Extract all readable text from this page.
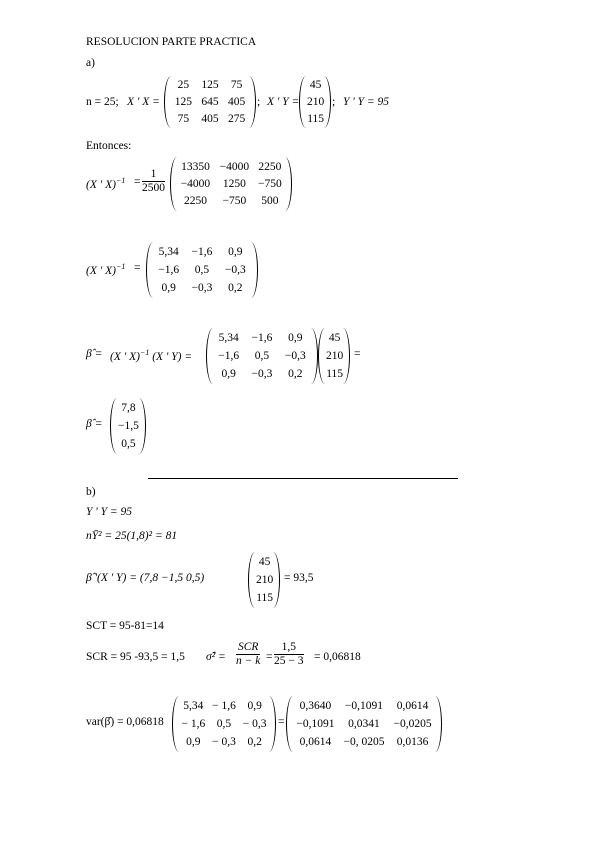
RESOLUCION PARTE PRACTICA
a)
n = 25; X ' X =
25	125	75
125	645	405
75	405	275
; X ' Y =
45
210
115
; Y ' Y = 95
Entonces:
(X ' $X)^{-1} = \frac{1}{2500}$
13350	−4000	2250
−4000	1250	−750
2250	−750	500
(X ' X)$^{-1}$ =
5,34	−1,6	0,9
−1,6	0,5	−0,3
0,9	−0,3	0,2
β̂ = (X ' X)$^{-1}$ (X ' Y) =
5,34	−1,6	0,9
−1,6	0,5	−0,3
0,9	−0,3	0,2
45
210
115
=
β̂ =
7,8
−1,5
0,5
b)
Y ' Y = 95
nȲ² = 25(1,8)² = 81
β̂ '(X ' Y) = (7,8 −1,5 0,5)
45
210
115
= 93,5
SCT = 95-81=14
SCR = 95 -93,5 = 1,5 σ̂² = $\frac{\text{SCR}}{n - k} = \frac{1,5}{25 - 3} = 0,06818$
var(β̂) = 0,06818
5,34	− 1,6	0,9
− 1,6	0,5	− 0,3
0,9	− 0,3	0,2
=
0,3640	−0,1091	0,0614
−0,1091	0,0341	−0,0205
0,0614	−0, 0205	0,0136
